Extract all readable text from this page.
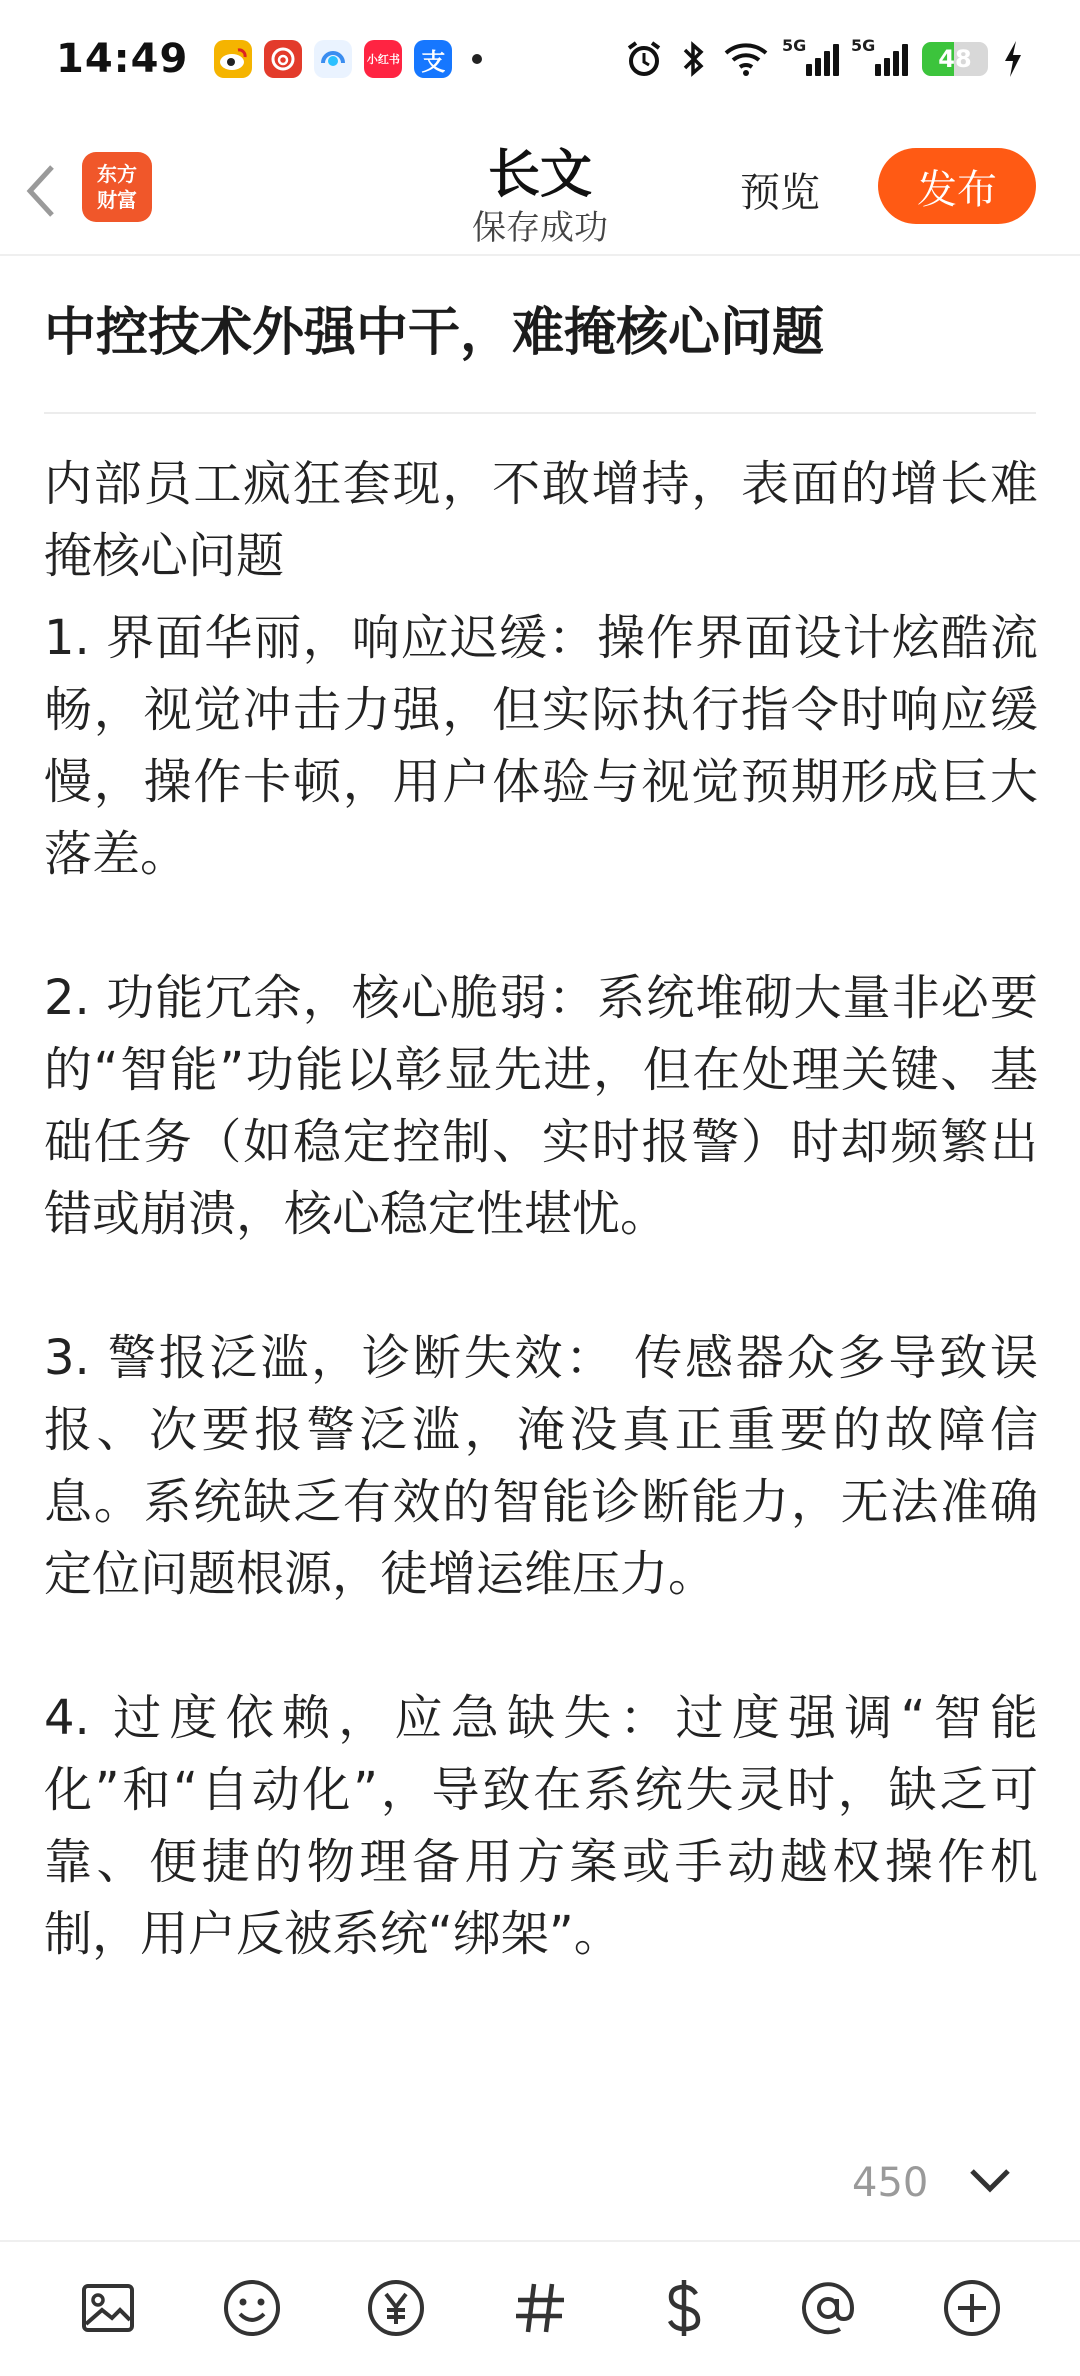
14:49	小红书 支
5G	5G	48
东方
财富	长文
保存成功
预览	发布
中控技术外强中干，难掩核心问题

内部员工疯狂套现，不敢增持，表面的增长难掩核心问题

1. 界面华丽，响应迟缓：操作界面设计炫酷流畅，视觉冲击力强，但实际执行指令时响应缓慢，操作卡顿，用户体验与视觉预期形成巨大落差。

2. 功能冗余，核心脆弱：系统堆砌大量非必要的“智能”功能以彰显先进，但在处理关键、基础任务（如稳定控制、实时报警）时却频繁出错或崩溃，核心稳定性堪忧。

3. 警报泛滥，诊断失效： 传感器众多导致误报、次要报警泛滥，淹没真正重要的故障信息。系统缺乏有效的智能诊断能力，无法准确定位问题根源，徒增运维压力。

4. 过度依赖，应急缺失：过度强调“智能化”和“自动化”，导致在系统失灵时，缺乏可靠、便捷的物理备用方案或手动越权操作机制，用户反被系统“绑架”。

450
